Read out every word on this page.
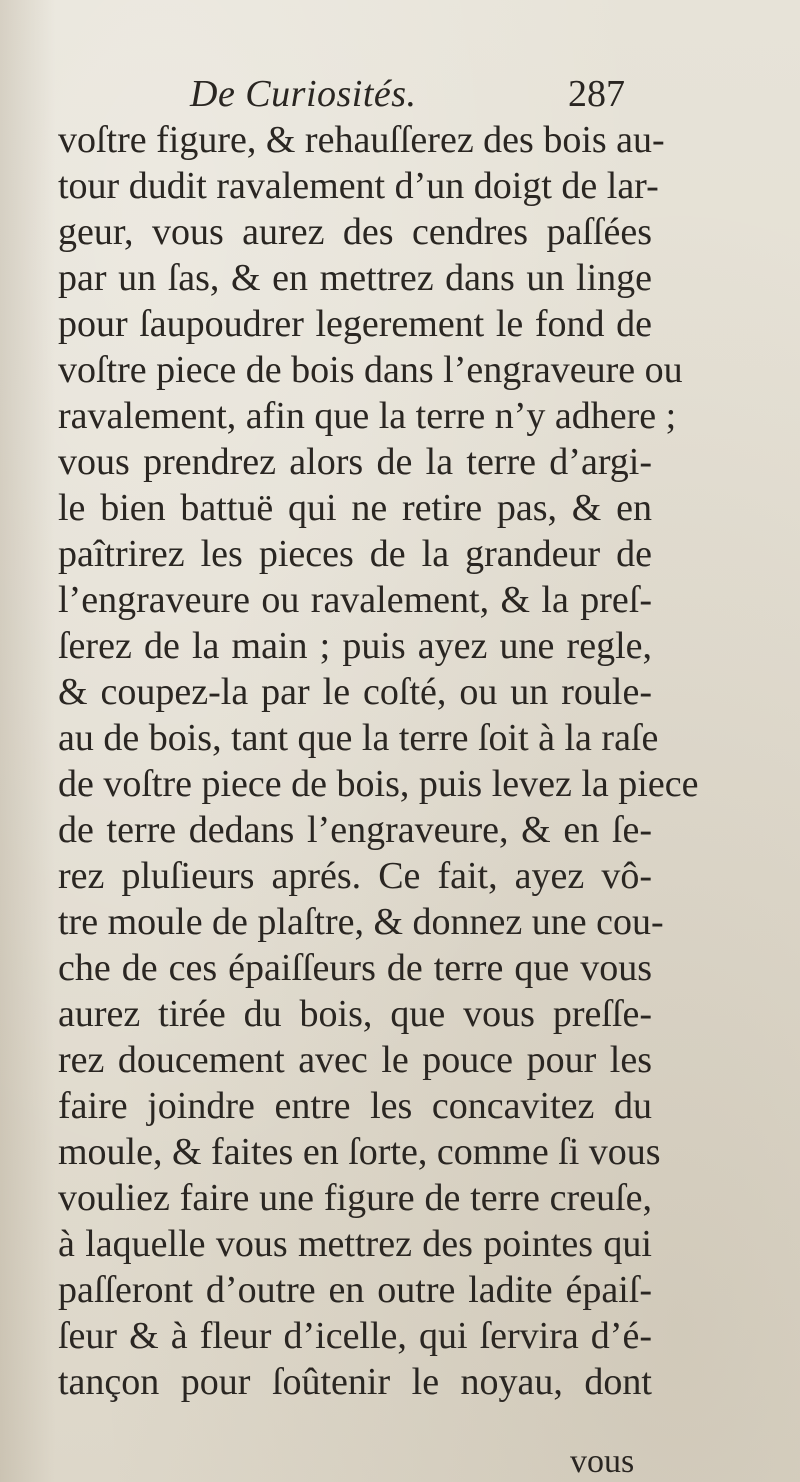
De Curiosités.	287
voſtre figure, & rehauſſerez des bois au-
tour dudit ravalement d’un doigt de lar-
geur, vous aurez des cendres paſſées
par un ſas, & en mettrez dans un linge
pour ſaupoudrer legerement le fond de
voſtre piece de bois dans l’engraveure ou
ravalement, afin que la terre n’y adhere ;
vous prendrez alors de la terre d’argi-
le bien battuë qui ne retire pas, & en
paîtrirez les pieces de la grandeur de
l’engraveure ou ravalement, & la preſ-
ſerez de la main ; puis ayez une regle,
& coupez-la par le coſté, ou un roule-
au de bois, tant que la terre ſoit à la raſe
de voſtre piece de bois, puis levez la piece
de terre dedans l’engraveure, & en ſe-
rez pluſieurs aprés. Ce fait, ayez vô-
tre moule de plaſtre, & donnez une cou-
che de ces épaiſſeurs de terre que vous
aurez tirée du bois, que vous preſſe-
rez doucement avec le pouce pour les
faire joindre entre les concavitez du
moule, & faites en ſorte, comme ſi vous
vouliez faire une figure de terre creuſe,
à laquelle vous mettrez des pointes qui
paſſeront d’outre en outre ladite épaiſ-
ſeur & à fleur d’icelle, qui ſervira d’é-
tançon pour ſoûtenir le noyau, dont
vous
